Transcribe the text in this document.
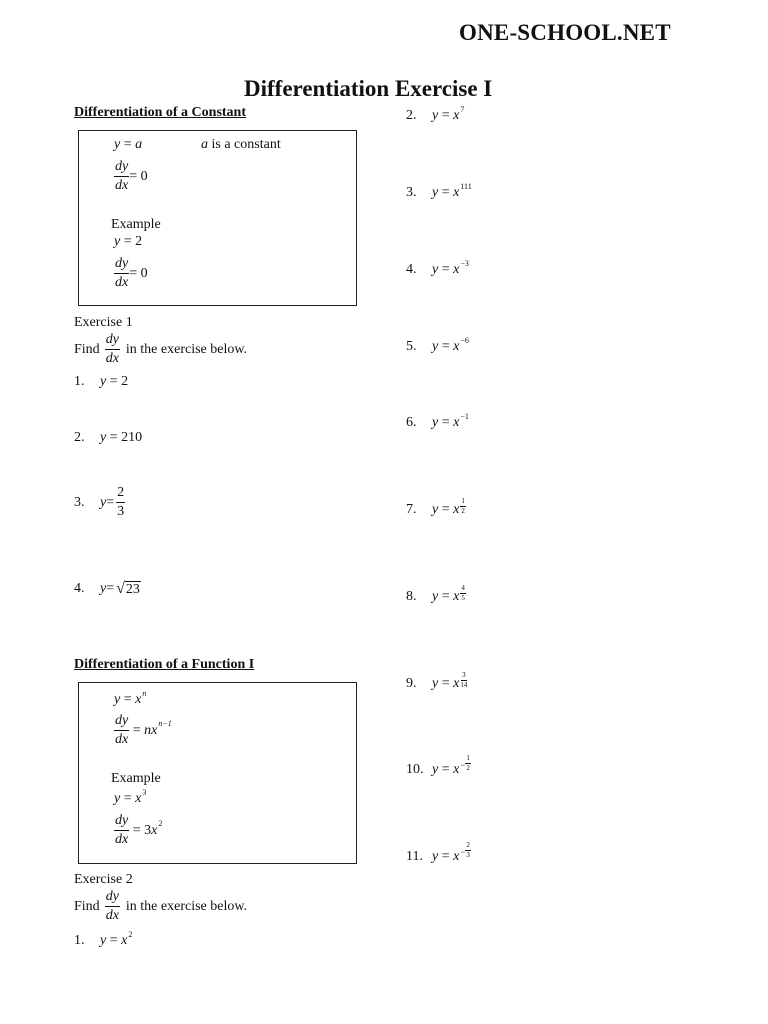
ONE-SCHOOL.NET
Differentiation Exercise I
Differentiation of a Constant
y = a	a is a constant
$\frac{dy}{dx} = 0$
Example
y = 2
$\frac{dy}{dx} = 0$
Exercise 1
Find $\frac{dy}{dx}$ in the exercise below.
1. y = 2
2. y = 210
3.	$y = \frac{2}{3}$
4.	y = √ 23
Differentiation of a Function I
$y = x^n$
$\frac{dy}{dx}$ = nx n−1
Example
$y = x^3$
$\frac{dy}{dx} = 3$ x 2
Exercise 2
Find $\frac{dy}{dx}$ in the exercise below.
1. $y = x^2$
2. $y = x^7$
3. $y = x^{111}$
4. $y = x^{-3}$
5. $y = x^{-6}$
6. $y = x^{-1}$
7. y = x
1
2
8. y = x
4
5
9. y = x
3
14
10. $y = x - \frac{1}{2}$
11. $y = x - \frac{2}{3}$
